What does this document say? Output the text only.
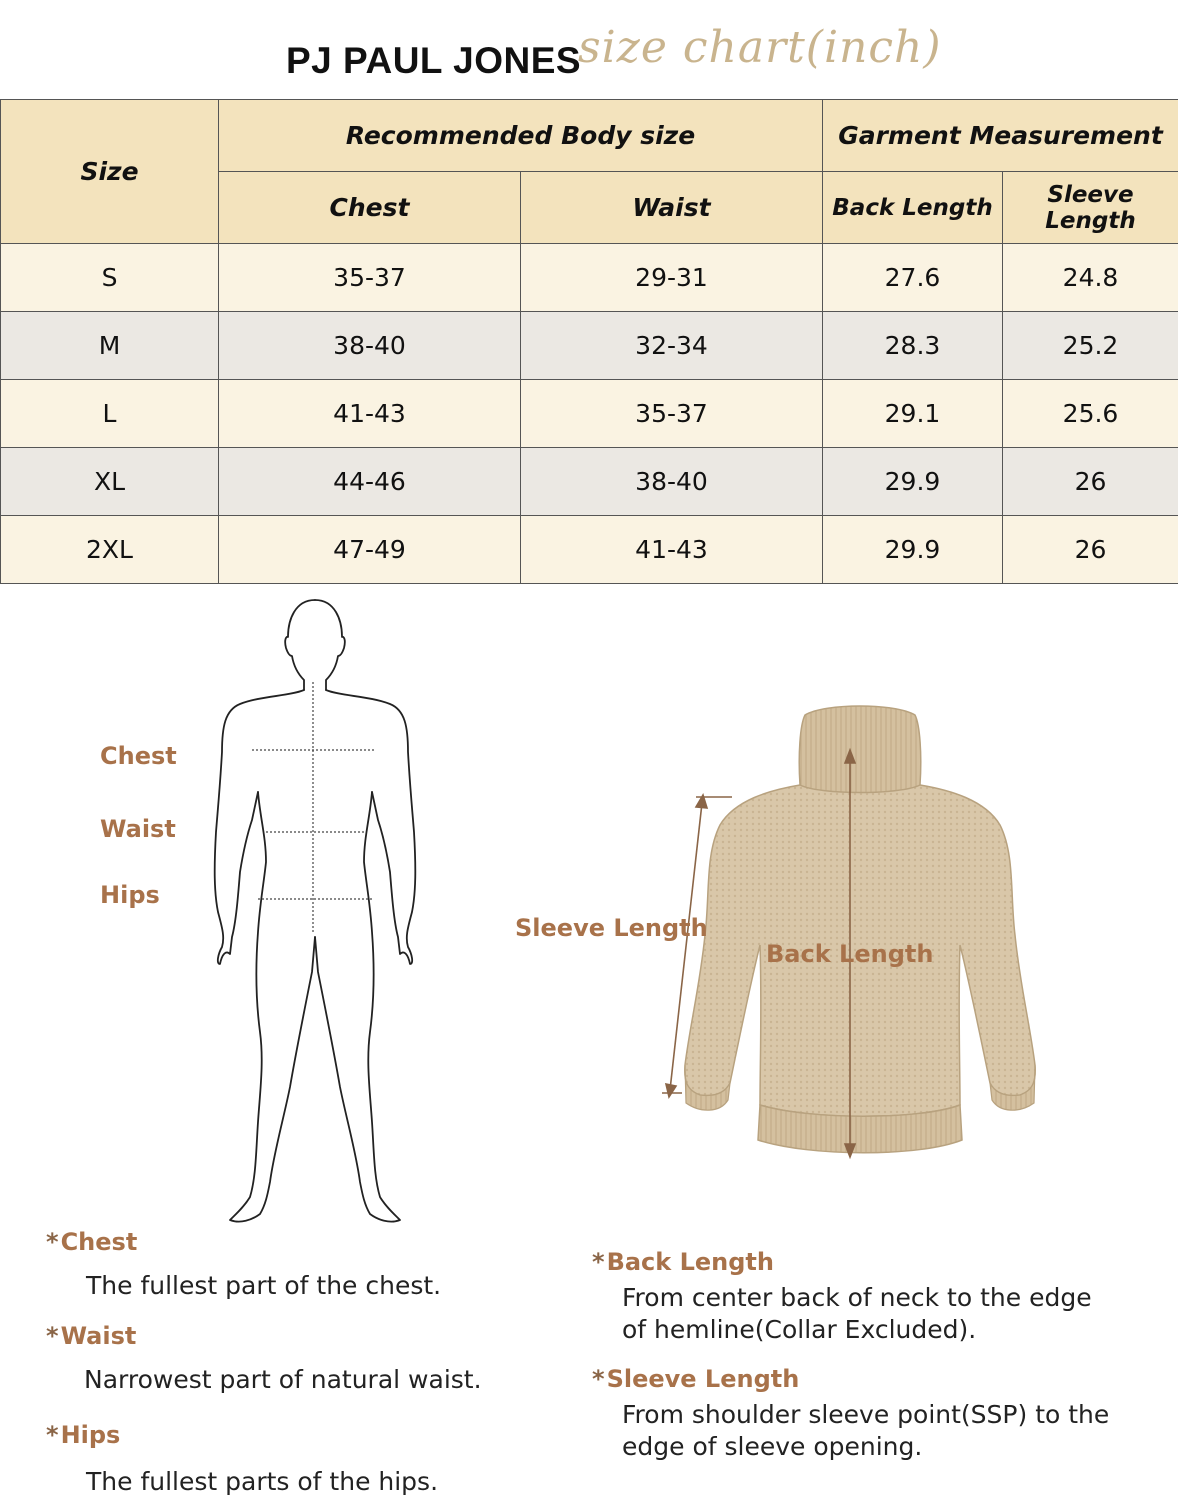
PJ PAUL JONES
size chart(inch)
Size	Recommended Body size		Garment Measurement	
	Chest	Waist	Back Length	Sleeve Length
S	35-37	29-31	27.6	24.8
M	38-40	32-34	28.3	25.2
L	41-43	35-37	29.1	25.6
XL	44-46	38-40	29.9	26
2XL	47-49	41-43	29.9	26
Chest
Waist
Hips
Sleeve Length
Back Length
*Chest
The fullest part of the chest.
*Waist
Narrowest part of natural waist.
*Hips
The fullest parts of the hips.
*Back Length
From center back of neck to the edge
of hemline(Collar Excluded).
*Sleeve Length
From shoulder sleeve point(SSP) to the
edge of sleeve opening.
